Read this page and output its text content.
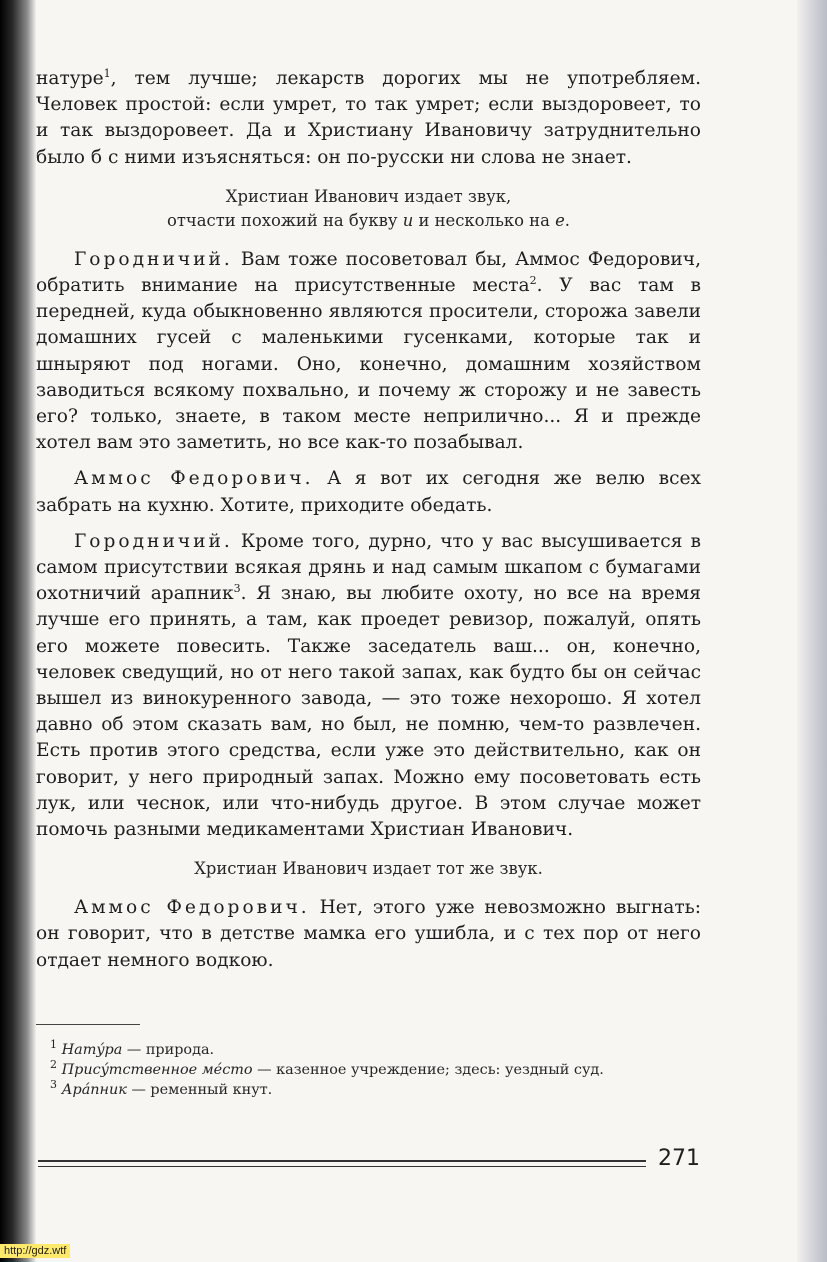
натуре$^1$, тем лучше; лекарств дорогих мы не употребляем. Человек простой: если умрет, то так умрет; если выздоровеет, то и так выздоровеет. Да и Христиану Ивановичу затруднительно было б с ними изъясняться: он по-русски ни слова не знает.

Христиан Иванович издает звук,
отчасти похожий на букву и и несколько на е.

Городничий. Вам тоже посоветовал бы, Аммос Федорович, обратить внимание на присутственные места$^2$. У вас там в передней, куда обыкновенно являются просители, сторожа завели домашних гусей с маленькими гусенками, которые так и шныряют под ногами. Оно, конечно, домашним хозяйством заводиться всякому похвально, и почему ж сторожу и не завесть его? только, знаете, в таком месте неприлично... Я и прежде хотел вам это заметить, но все как-то позабывал.

Аммос Федорович. А я вот их сегодня же велю всех забрать на кухню. Хотите, приходите обедать.

Городничий. Кроме того, дурно, что у вас высушивается в самом присутствии всякая дрянь и над самым шкапом с бумагами охотничий арапник$^3$. Я знаю, вы любите охоту, но все на время лучше его принять, а там, как проедет ревизор, пожалуй, опять его можете повесить. Также заседатель ваш... он, конечно, человек сведущий, но от него такой запах, как будто бы он сейчас вышел из винокуренного завода, — это тоже нехорошо. Я хотел давно об этом сказать вам, но был, не помню, чем-то развлечен. Есть против этого средства, если уже это действительно, как он говорит, у него природный запах. Можно ему посоветовать есть лук, или чеснок, или что-нибудь другое. В этом случае может помочь разными медикаментами Христиан Иванович.

Христиан Иванович издает тот же звук.

Аммос Федорович. Нет, этого уже невозможно выгнать: он говорит, что в детстве мамка его ушибла, и с тех пор от него отдает немного водкою.

$^1$ Натýра — природа.

$^2$ Присýтственное мéсто — казенное учреждение; здесь: уездный суд.

$^3$ Арáпник — ременный кнут.

271
http://gdz.wtf
